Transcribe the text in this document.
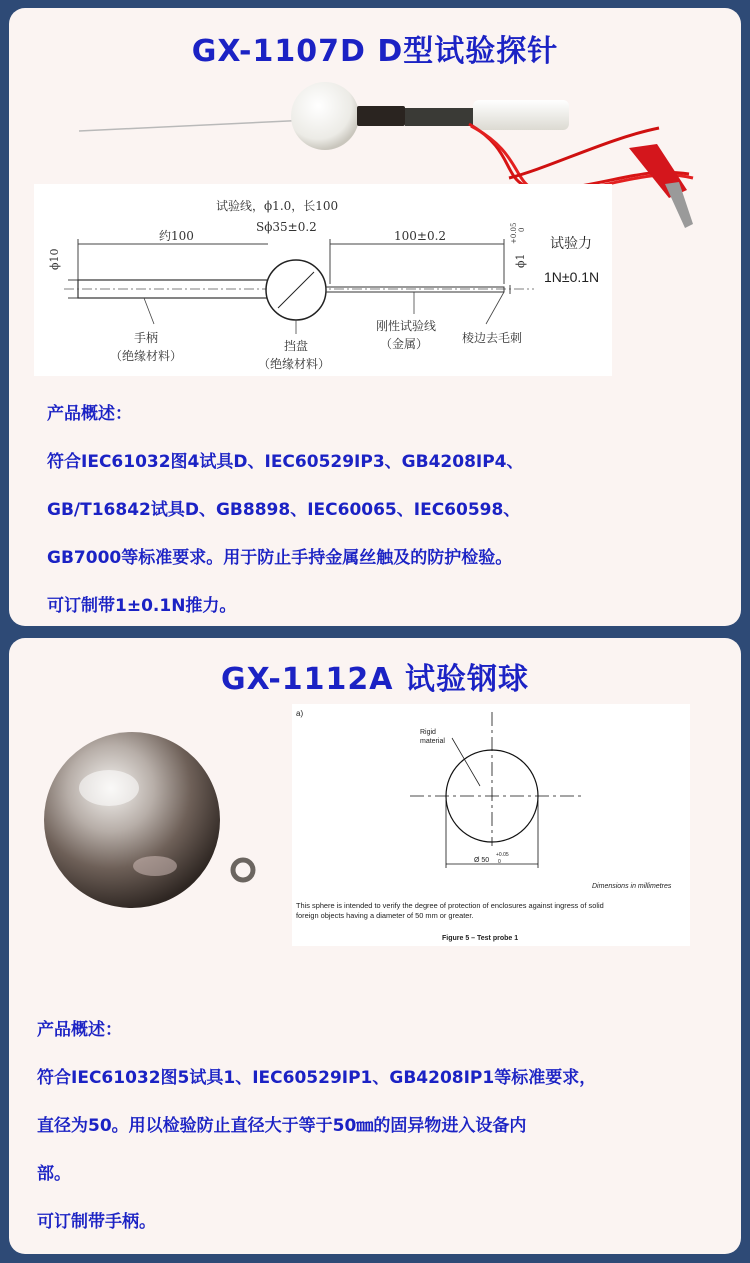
GX-1107D D型试验探针
试验线，ϕ1.0，长100
Sϕ35±0.2
约100	100±0.2
ϕ10	ϕ1
+0.05 0
试验力
1N±0.1N
手柄
（绝缘材料）
挡盘
（绝缘材料）
刚性试验线
（金属）	棱边去毛刺
产品概述：
符合IEC61032图4试具D、IEC60529IP3、GB4208IP4、
GB/T16842试具D、GB8898、IEC60065、IEC60598、
GB7000等标准要求。用于防止手持金属丝触及的防护检验。
可订制带1±0.1N推力。
GX-1112A 试验钢球
a)
Rigid
material
Ø 50
+0.05
0
Dimensions in millimetres
This sphere is intended to verify the degree of protection of enclosures against ingress of solid
foreign objects having a diameter of 50 mm or greater.
Figure 5 – Test probe 1
产品概述：
符合IEC61032图5试具1、IEC60529IP1、GB4208IP1等标准要求，
直径为50。用以检验防止直径大于等于50㎜的固异物进入设备内
部。
可订制带手柄。
